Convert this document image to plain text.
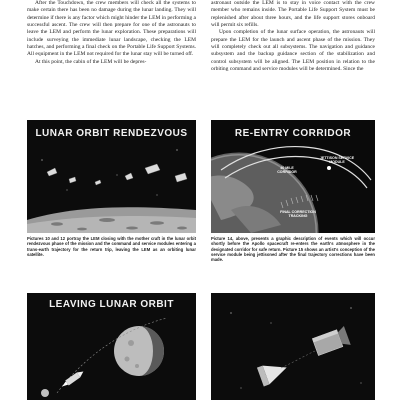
After the Touchdown, the crew members will check all the systems to make certain there has been no damage during the lunar landing. They will determine if there is any factor which might hinder the LEM in performing a successful ascent. The crew will then prepare for one of the astronauts to leave the LEM and perform the lunar exploration. These preparations will include surveying the immediate lunar landscape, checking the LEM hatches, and performing a final check on the Portable Life Support Systems. All equipment in the LEM not required for the lunar stay will be turned off.

At this point, the cabin of the LEM will be depres-

astronaut outside the LEM is to stay in voice contact with the crew member who remains inside. The Portable Life Support System must be replenished after about three hours, and the life support stores onboard will permit six refills.

Upon completion of the lunar surface operation, the astronauts will prepare the LEM for the launch and ascent phase of the mission. They will completely check out all subsystems. The navigation and guidance subsystem and the backup guidance section of the stabilization and control subsystem will be aligned. The LEM position in relation to the orbiting command and service modules will be determined. Since the

LUNAR ORBIT RENDEZVOUS	RE-ENTRY CORRIDOR
JETTISON SERVICE MODULE
40 MILE CORRIDOR
FINAL CORRECTION TRACKING
Pictures 10 and 12 portray the LEM closing with the mother craft in the lunar orbit rendezvous phase of the mission and the command and service modules entering a trans-earth trajectory for the return trip, leaving the LEM as an orbiting lunar satellite.
Picture 14, above, presents a graphic description of events which will occur shortly before the Apollo spacecraft re-enters the earth's atmosphere in the designated corridor for safe return. Picture 15 shows an artist's conception of the service module being jettisoned after the final trajectory corrections have been made.
LEAVING LUNAR ORBIT
